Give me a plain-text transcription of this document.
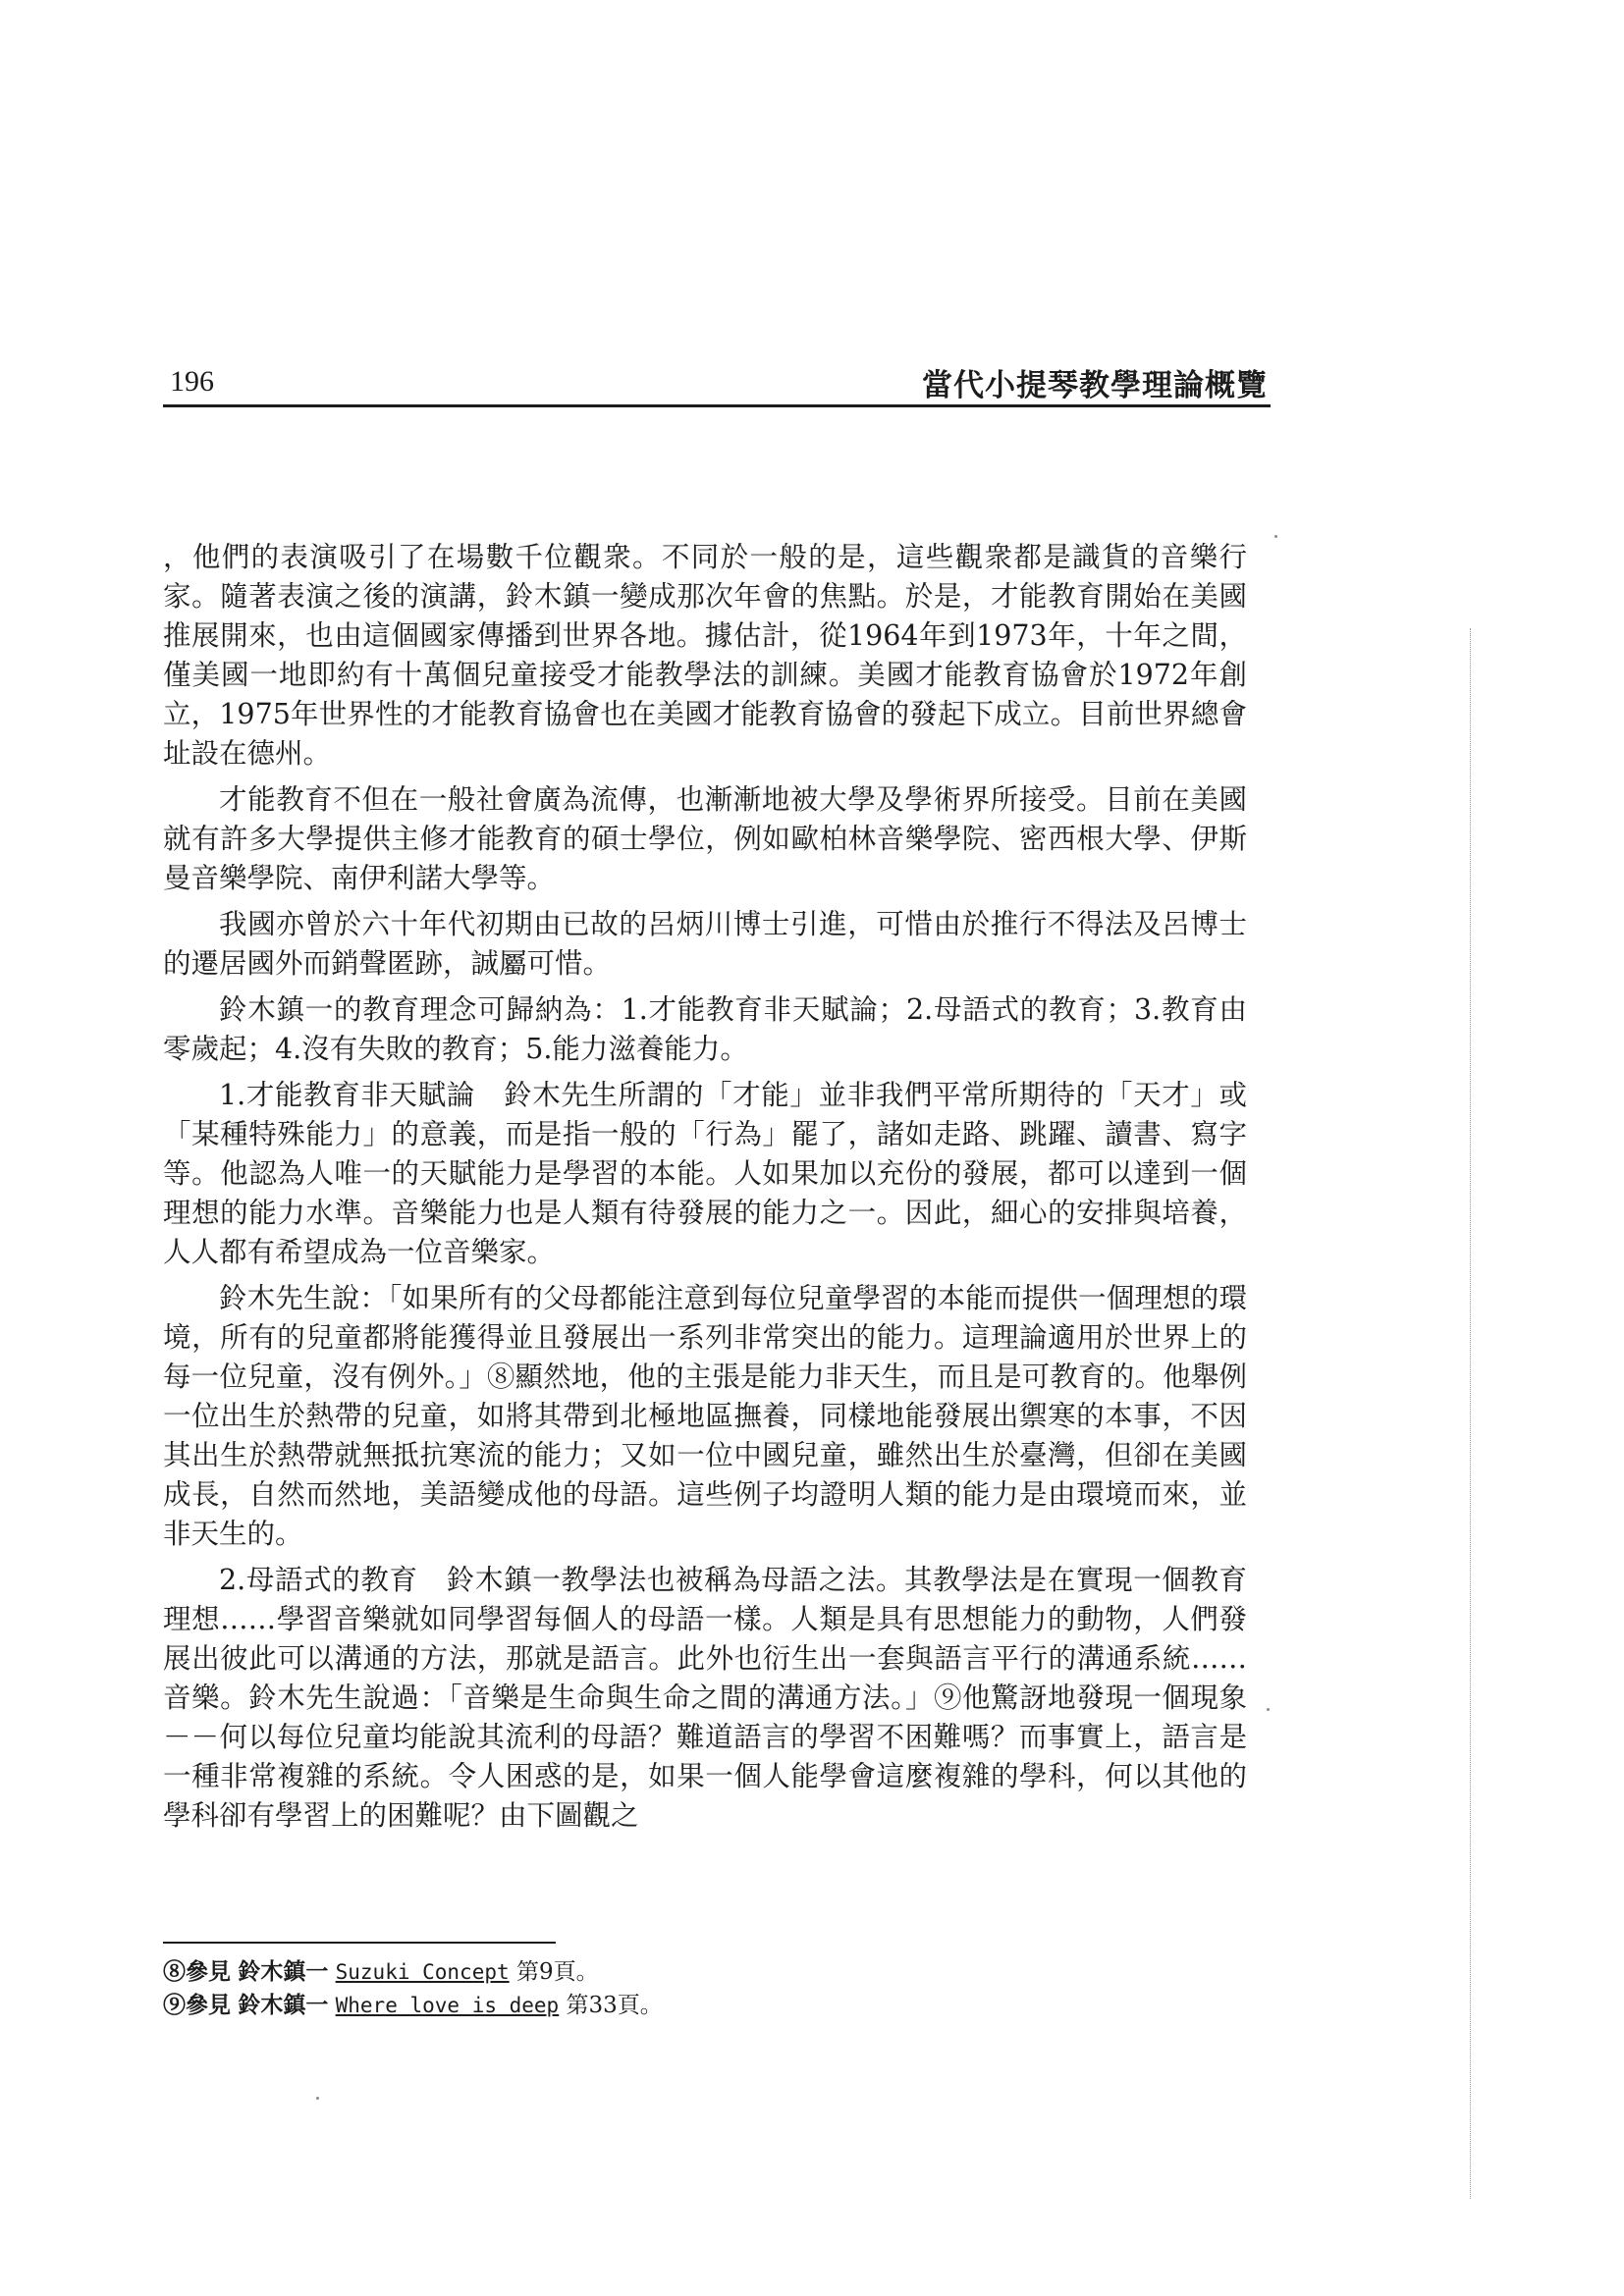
196	當代小提琴教學理論概覽

，他們的表演吸引了在場數千位觀衆。不同於一般的是，這些觀衆都是識貨的音樂行家。隨著表演之後的演講，鈴木鎮一變成那次年會的焦點。於是，才能教育開始在美國推展開來，也由這個國家傳播到世界各地。據估計，從1964年到1973年，十年之間，僅美國一地即約有十萬個兒童接受才能教學法的訓練。美國才能教育協會於1972年創立，1975年世界性的才能教育協會也在美國才能教育協會的發起下成立。目前世界總會址設在德州。

才能教育不但在一般社會廣為流傳，也漸漸地被大學及學術界所接受。目前在美國就有許多大學提供主修才能教育的碩士學位，例如歐柏林音樂學院、密西根大學、伊斯曼音樂學院、南伊利諾大學等。

我國亦曾於六十年代初期由已故的呂炳川博士引進，可惜由於推行不得法及呂博士的遷居國外而銷聲匿跡，誠屬可惜。

鈴木鎮一的教育理念可歸納為：1.才能教育非天賦論；2.母語式的教育；3.教育由零歲起；4.沒有失敗的教育；5.能力滋養能力。

1.才能教育非天賦論　鈴木先生所謂的「才能」並非我們平常所期待的「天才」或「某種特殊能力」的意義，而是指一般的「行為」罷了，諸如走路、跳躍、讀書、寫字等。他認為人唯一的天賦能力是學習的本能。人如果加以充份的發展，都可以達到一個理想的能力水準。音樂能力也是人類有待發展的能力之一。因此，細心的安排與培養，人人都有希望成為一位音樂家。

鈴木先生說：「如果所有的父母都能注意到每位兒童學習的本能而提供一個理想的環境，所有的兒童都將能獲得並且發展出一系列非常突出的能力。這理論適用於世界上的每一位兒童，沒有例外。」⑧顯然地，他的主張是能力非天生，而且是可教育的。他舉例一位出生於熱帶的兒童，如將其帶到北極地區撫養，同樣地能發展出禦寒的本事，不因其出生於熱帶就無抵抗寒流的能力；又如一位中國兒童，雖然出生於臺灣，但卻在美國成長，自然而然地，美語變成他的母語。這些例子均證明人類的能力是由環境而來，並非天生的。

2.母語式的教育　鈴木鎮一教學法也被稱為母語之法。其教學法是在實現一個教育理想……學習音樂就如同學習每個人的母語一樣。人類是具有思想能力的動物，人們發展出彼此可以溝通的方法，那就是語言。此外也衍生出一套與語言平行的溝通系統……音樂。鈴木先生說過：「音樂是生命與生命之間的溝通方法。」⑨他驚訝地發現一個現象－－何以每位兒童均能說其流利的母語？難道語言的學習不困難嗎？而事實上，語言是一種非常複雜的系統。令人困惑的是，如果一個人能學會這麼複雜的學科，何以其他的學科卻有學習上的困難呢？由下圖觀之

⑧參見 鈴木鎮一 Suzuki Concept 第9頁。
⑨參見 鈴木鎮一 Where love is deep 第33頁。
